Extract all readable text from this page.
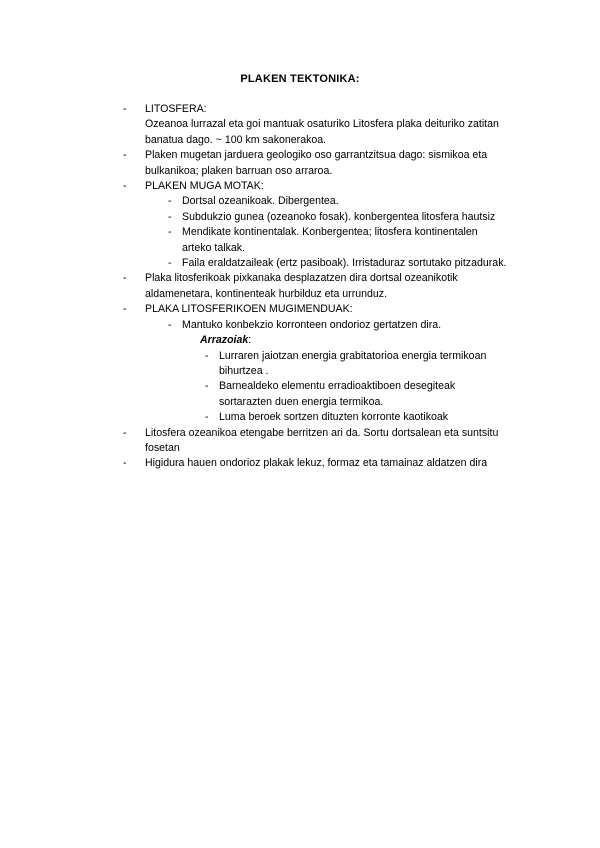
PLAKEN TEKTONIKA:
- LITOSFERA:
Ozeanoa lurrazal eta goi mantuak osaturiko Litosfera plaka deituriko zatitan banatua dago. ~ 100 km sakonerakoa.
- Plaken mugetan jarduera geologiko oso garrantzitsua dago: sismikoa eta bulkanikoa; plaken barruan oso arraroa.
- PLAKEN MUGA MOTAK:
- Dortsal ozeanikoak. Dibergentea.
- Subdukzio gunea (ozeanoko fosak). konbergentea litosfera hautsiz
- Mendikate kontinentalak. Konbergentea; litosfera kontinentalen arteko talkak.
- Faila eraldatzaileak (ertz pasiboak). Irristaduraz sortutako pitzadurak.
- Plaka litosferikoak pixkanaka desplazatzen dira dortsal ozeanikotik aldamenetara, kontinenteak hurbilduz eta urrunduz.
- PLAKA LITOSFERIKOEN MUGIMENDUAK:
- Mantuko konbekzio korronteen ondorioz gertatzen dira.
Arrazoiak:
- Lurraren jaiotzan energia grabitatorioa energia termikoan bihurtzea .
- Barnealdeko elementu erradioaktiboen desegiteak sortarazten duen energia termikoa.
- Luma beroek sortzen dituzten korronte kaotikoak
- Litosfera ozeanikoa etengabe berritzen ari da. Sortu dortsalean eta suntsitu fosetan
- Higidura hauen ondorioz plakak lekuz, formaz eta tamainaz aldatzen dira
